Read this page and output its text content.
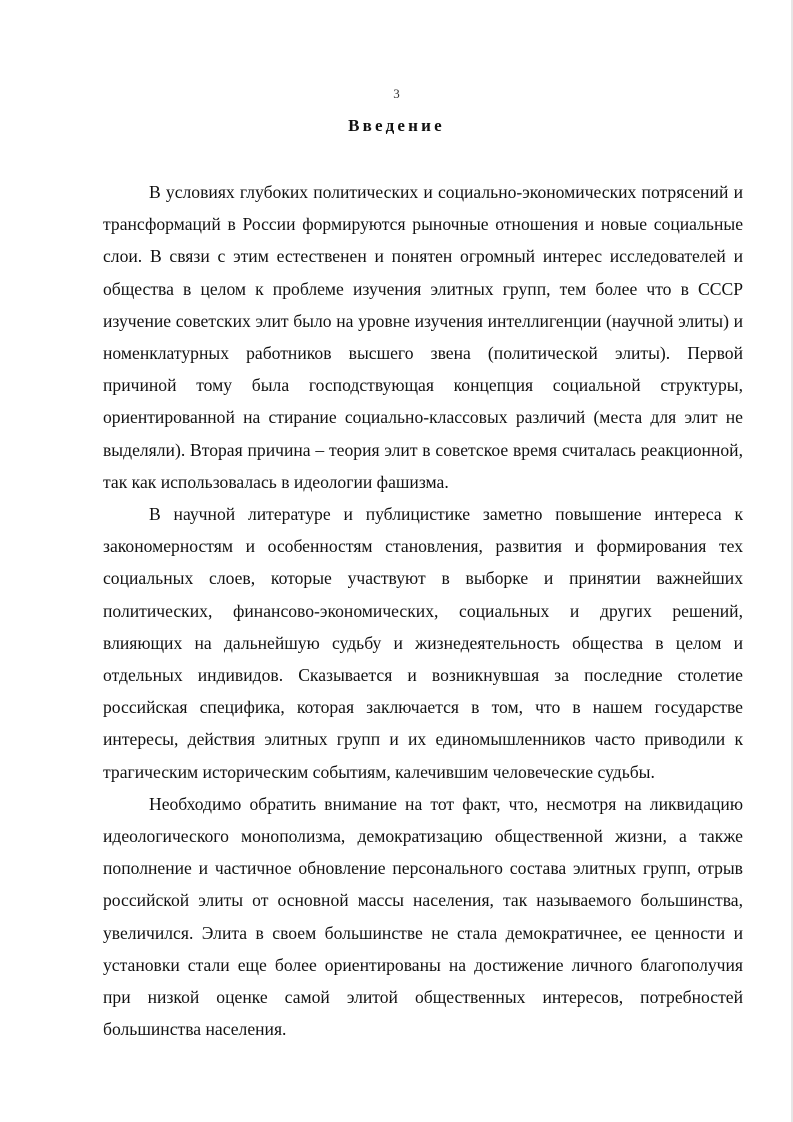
3
Введение

В условиях глубоких политических и социально-экономических потрясений и трансформаций в России формируются рыночные отношения и новые социальные слои. В связи с этим естественен и понятен огромный интерес исследователей и общества в целом к проблеме изучения элитных групп, тем более что в СССР изучение советских элит было на уровне изучения интеллигенции (научной элиты) и номенклатурных работников высшего звена (политической элиты). Первой причиной тому была господствующая концепция социальной структуры, ориентированной на стирание социально-классовых различий (места для элит не выделяли). Вторая причина – теория элит в советское время считалась реакционной, так как использовалась в идеологии фашизма.

В научной литературе и публицистике заметно повышение интереса к закономерностям и особенностям становления, развития и формирования тех социальных слоев, которые участвуют в выборке и принятии важнейших политических, финансово-экономических, социальных и других решений, влияющих на дальнейшую судьбу и жизнедеятельность общества в целом и отдельных индивидов. Сказывается и возникнувшая за последние столетие российская специфика, которая заключается в том, что в нашем государстве интересы, действия элитных групп и их единомышленников часто приводили к трагическим историческим событиям, калечившим человеческие судьбы.

Необходимо обратить внимание на тот факт, что, несмотря на ликвидацию идеологического монополизма, демократизацию общественной жизни, а также пополнение и частичное обновление персонального состава элитных групп, отрыв российской элиты от основной массы населения, так называемого большинства, увеличился. Элита в своем большинстве не стала демократичнее, ее ценности и установки стали еще более ориентированы на достижение личного благополучия при низкой оценке самой элитой общественных интересов, потребностей большинства населения.
